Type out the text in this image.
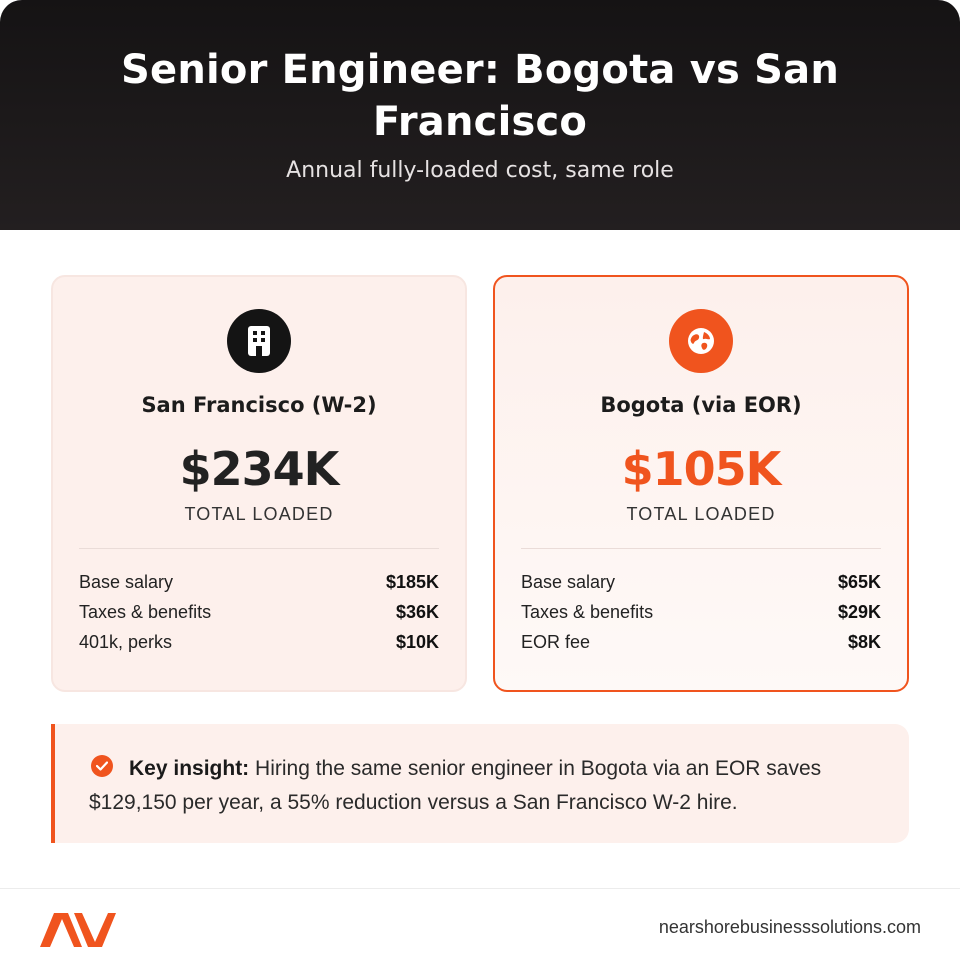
Senior Engineer: Bogota vs San Francisco
Annual fully-loaded cost, same role
San Francisco (W-2)
$234K
TOTAL LOADED
Base salary	$185K
Taxes & benefits	$36K
401k, perks	$10K
Bogota (via EOR)
$105K
TOTAL LOADED
Base salary	$65K
Taxes & benefits	$29K
EOR fee	$8K
Key insight: Hiring the same senior engineer in Bogota via an EOR saves $129,150 per year, a 55% reduction versus a San Francisco W-2 hire.
nearshorebusinesssolutions.com
